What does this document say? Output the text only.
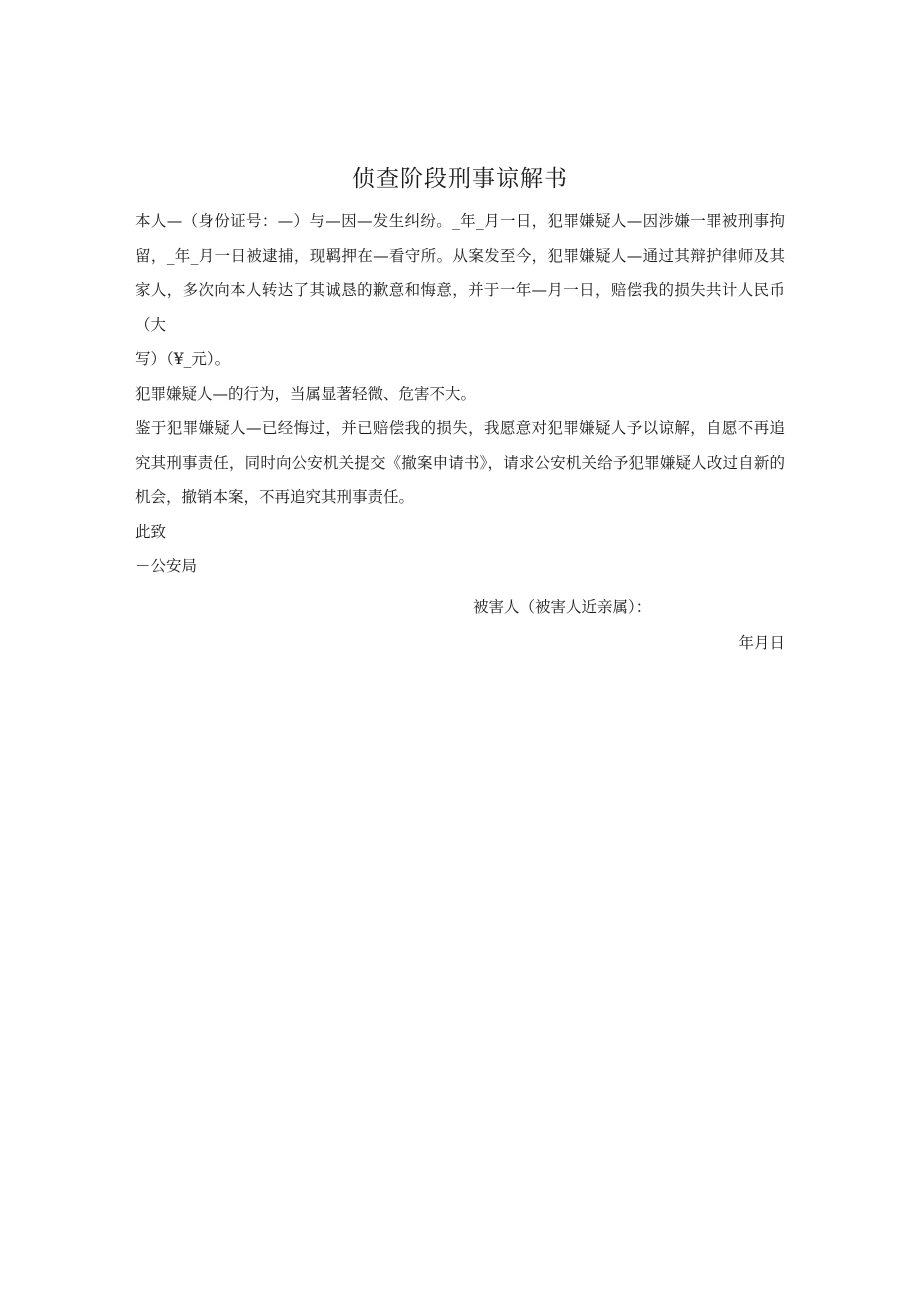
侦查阶段刑事谅解书

本人—（身份证号：—）与—因—发生纠纷。_年_月一日，犯罪嫌疑人—因涉嫌一罪被刑事拘留，_年_月一日被逮捕，现羁押在—看守所。从案发至今，犯罪嫌疑人—通过其辩护律师及其家人，多次向本人转达了其诚恳的歉意和悔意，并于一年—月一日，赔偿我的损失共计人民币（大

写）（¥_元）。

犯罪嫌疑人—的行为，当属显著轻微、危害不大。

鉴于犯罪嫌疑人—已经悔过，并已赔偿我的损失，我愿意对犯罪嫌疑人予以谅解，自愿不再追究其刑事责任，同时向公安机关提交《撤案申请书》，请求公安机关给予犯罪嫌疑人改过自新的机会，撤销本案，不再追究其刑事责任。

此致

－公安局

被害人（被害人近亲属）：

年月日
